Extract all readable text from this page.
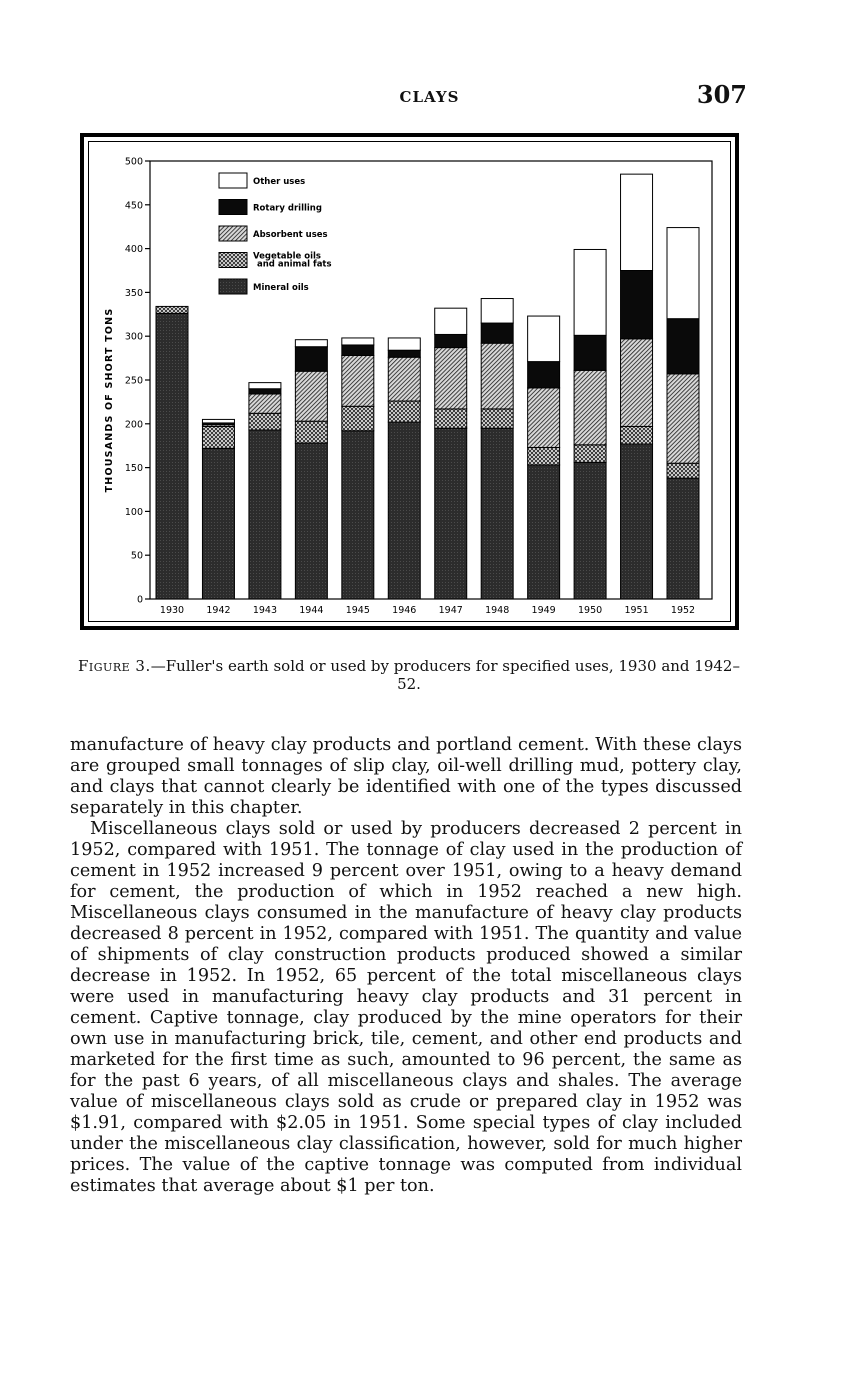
CLAYS	307
0
50
100
150
200
250
300
350
400
450
500
THOUSANDS OF SHORT TONS
1930 1942 1943 1944 1945 1946 1947 1948 1949 1950 1951 1952
Other uses
Rotary drilling
Absorbent uses
Vegetable oils
and animal fats
Mineral oils
Figure 3.—Fuller's earth sold or used by producers for specified uses, 1930 and 1942–52.

manufacture of heavy clay products and portland cement. With these clays are grouped small tonnages of slip clay, oil-well drilling mud, pottery clay, and clays that cannot clearly be identified with one of the types discussed separately in this chapter.

Miscellaneous clays sold or used by producers decreased 2 percent in 1952, compared with 1951. The tonnage of clay used in the production of cement in 1952 increased 9 percent over 1951, owing to a heavy demand for cement, the production of which in 1952 reached a new high. Miscellaneous clays consumed in the manufacture of heavy clay products decreased 8 percent in 1952, compared with 1951. The quantity and value of shipments of clay construction products produced showed a similar decrease in 1952. In 1952, 65 percent of the total miscellaneous clays were used in manufacturing heavy clay products and 31 percent in cement. Captive tonnage, clay produced by the mine operators for their own use in manufacturing brick, tile, cement, and other end products and marketed for the first time as such, amounted to 96 percent, the same as for the past 6 years, of all miscellaneous clays and shales. The average value of miscellaneous clays sold as crude or prepared clay in 1952 was $1.91, compared with $2.05 in 1951. Some special types of clay included under the miscellaneous clay classification, however, sold for much higher prices. The value of the captive tonnage was computed from individual estimates that average about $1 per ton.
